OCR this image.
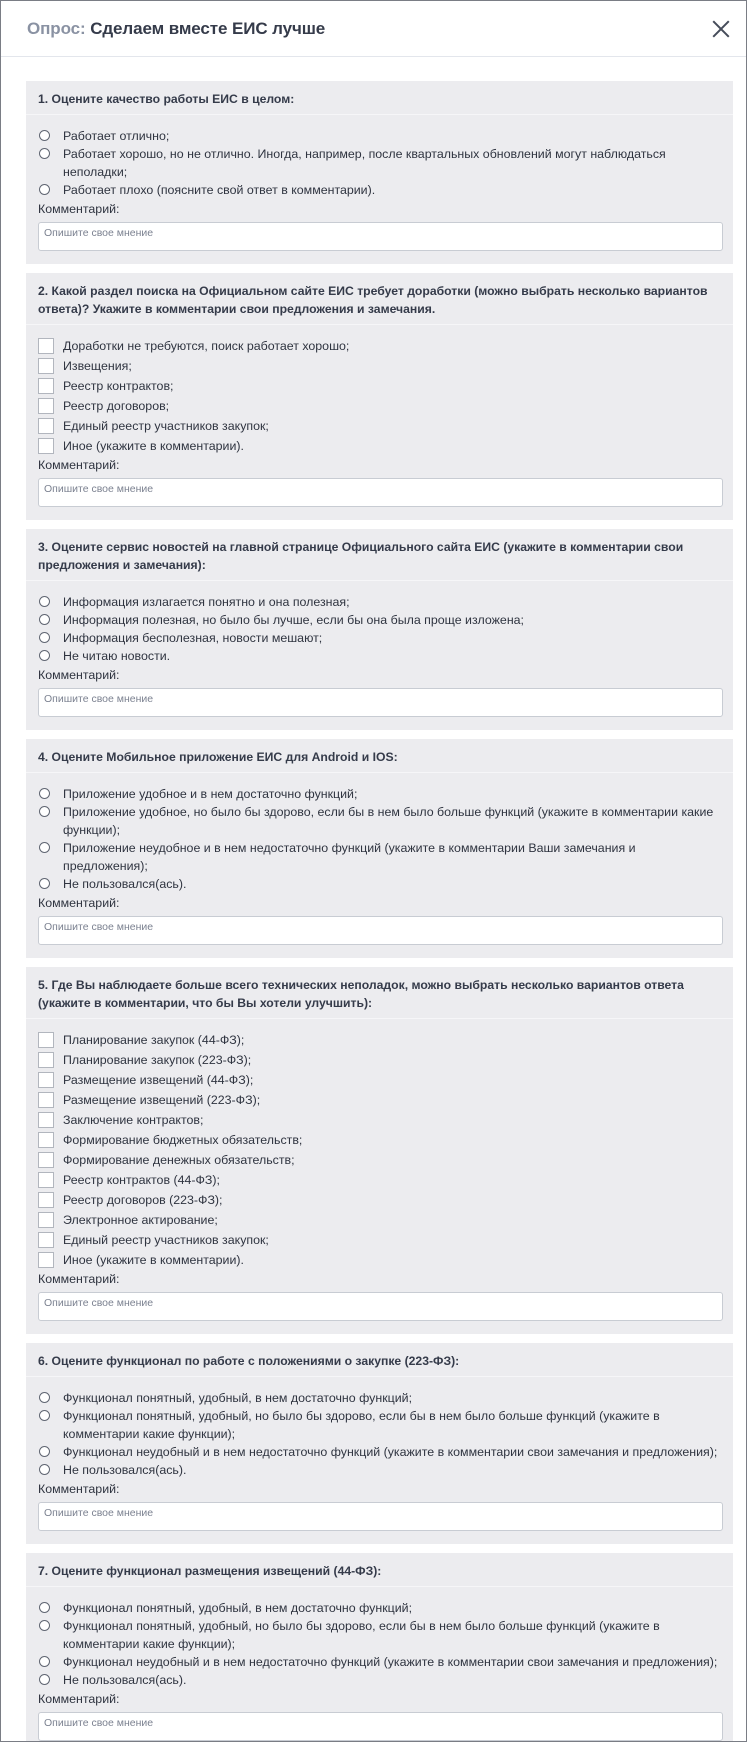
Опрос: Сделаем вместе ЕИС лучше
1. Оцените качество работы ЕИС в целом:
Работает отлично;
Работает хорошо, но не отлично. Иногда, например, после квартальных обновлений могут наблюдаться неполадки;
Работает плохо (поясните свой ответ в комментарии).
Комментарий:
Опишите свое мнение
2. Какой раздел поиска на Официальном сайте ЕИС требует доработки (можно выбрать несколько вариантов ответа)? Укажите в комментарии свои предложения и замечания.
Доработки не требуются, поиск работает хорошо;
Извещения;
Реестр контрактов;
Реестр договоров;
Единый реестр участников закупок;
Иное (укажите в комментарии).
Комментарий:
Опишите свое мнение
3. Оцените сервис новостей на главной странице Официального сайта ЕИС (укажите в комментарии свои предложения и замечания):
Информация излагается понятно и она полезная;
Информация полезная, но было бы лучше, если бы она была проще изложена;
Информация бесполезная, новости мешают;
Не читаю новости.
Комментарий:
Опишите свое мнение
4. Оцените Мобильное приложение ЕИС для Android и IOS:
Приложение удобное и в нем достаточно функций;
Приложение удобное, но было бы здорово, если бы в нем было больше функций (укажите в комментарии какие функции);
Приложение неудобное и в нем недостаточно функций (укажите в комментарии Ваши замечания и предложения);
Не пользовался(ась).
Комментарий:
Опишите свое мнение
5. Где Вы наблюдаете больше всего технических неполадок, можно выбрать несколько вариантов ответа (укажите в комментарии, что бы Вы хотели улучшить):
Планирование закупок (44-ФЗ);
Планирование закупок (223-ФЗ);
Размещение извещений (44-ФЗ);
Размещение извещений (223-ФЗ);
Заключение контрактов;
Формирование бюджетных обязательств;
Формирование денежных обязательств;
Реестр контрактов (44-ФЗ);
Реестр договоров (223-ФЗ);
Электронное актирование;
Единый реестр участников закупок;
Иное (укажите в комментарии).
Комментарий:
Опишите свое мнение
6. Оцените функционал по работе с положениями о закупке (223-ФЗ):
Функционал понятный, удобный, в нем достаточно функций;
Функционал понятный, удобный, но было бы здорово, если бы в нем было больше функций (укажите в комментарии какие функции);
Функционал неудобный и в нем недостаточно функций (укажите в комментарии свои замечания и предложения);
Не пользовался(ась).
Комментарий:
Опишите свое мнение
7. Оцените функционал размещения извещений (44-ФЗ):
Функционал понятный, удобный, в нем достаточно функций;
Функционал понятный, удобный, но было бы здорово, если бы в нем было больше функций (укажите в комментарии какие функции);
Функционал неудобный и в нем недостаточно функций (укажите в комментарии свои замечания и предложения);
Не пользовался(ась).
Комментарий:
Опишите свое мнение
